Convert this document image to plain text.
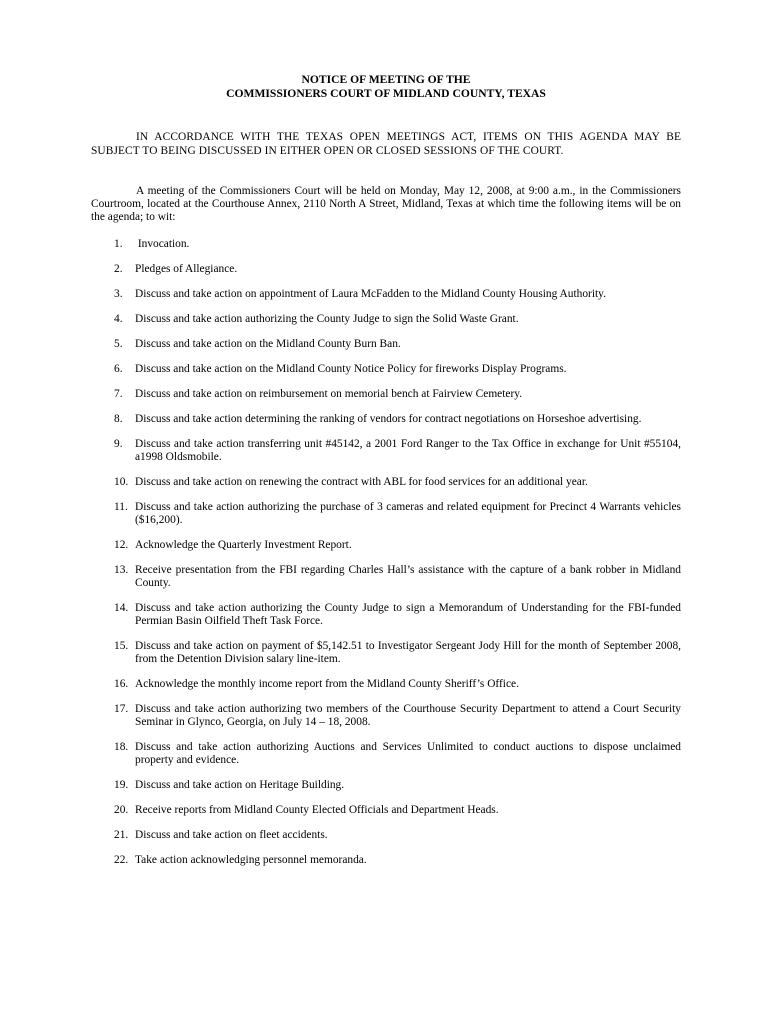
NOTICE OF MEETING OF THE
COMMISSIONERS COURT OF MIDLAND COUNTY, TEXAS

IN ACCORDANCE WITH THE TEXAS OPEN MEETINGS ACT, ITEMS ON THIS AGENDA MAY BE SUBJECT TO BEING DISCUSSED IN EITHER OPEN OR CLOSED SESSIONS OF THE COURT.

A meeting of the Commissioners Court will be held on Monday, May 12, 2008, at 9:00 a.m., in the Commissioners Courtroom, located at the Courthouse Annex, 2110 North A Street, Midland, Texas at which time the following items will be on the agenda; to wit:

1.	Invocation.
2.	Pledges of Allegiance.
3.	Discuss and take action on appointment of Laura McFadden to the Midland County Housing Authority.
4.	Discuss and take action authorizing the County Judge to sign the Solid Waste Grant.
5.	Discuss and take action on the Midland County Burn Ban.
6.	Discuss and take action on the Midland County Notice Policy for fireworks Display Programs.
7.	Discuss and take action on reimbursement on memorial bench at Fairview Cemetery.
8.	Discuss and take action determining the ranking of vendors for contract negotiations on Horseshoe advertising.
9.	Discuss and take action transferring unit #45142, a 2001 Ford Ranger to the Tax Office in exchange for Unit #55104, a1998 Oldsmobile.
10. Discuss and take action on renewing the contract with ABL for food services for an additional year.
11. Discuss and take action authorizing the purchase of 3 cameras and related equipment for Precinct 4 Warrants vehicles ($16,200).
12. Acknowledge the Quarterly Investment Report.
13. Receive presentation from the FBI regarding Charles Hall’s assistance with the capture of a bank robber in Midland County.
14. Discuss and take action authorizing the County Judge to sign a Memorandum of Understanding for the FBI-funded Permian Basin Oilfield Theft Task Force.
15. Discuss and take action on payment of $5,142.51 to Investigator Sergeant Jody Hill for the month of September 2008, from the Detention Division salary line-item.
16. Acknowledge the monthly income report from the Midland County Sheriff’s Office.
17. Discuss and take action authorizing two members of the Courthouse Security Department to attend a Court Security Seminar in Glynco, Georgia, on July 14 – 18, 2008.
18. Discuss and take action authorizing Auctions and Services Unlimited to conduct auctions to dispose unclaimed property and evidence.
19. Discuss and take action on Heritage Building.
20. Receive reports from Midland County Elected Officials and Department Heads.
21. Discuss and take action on fleet accidents.
22. Take action acknowledging personnel memoranda.
